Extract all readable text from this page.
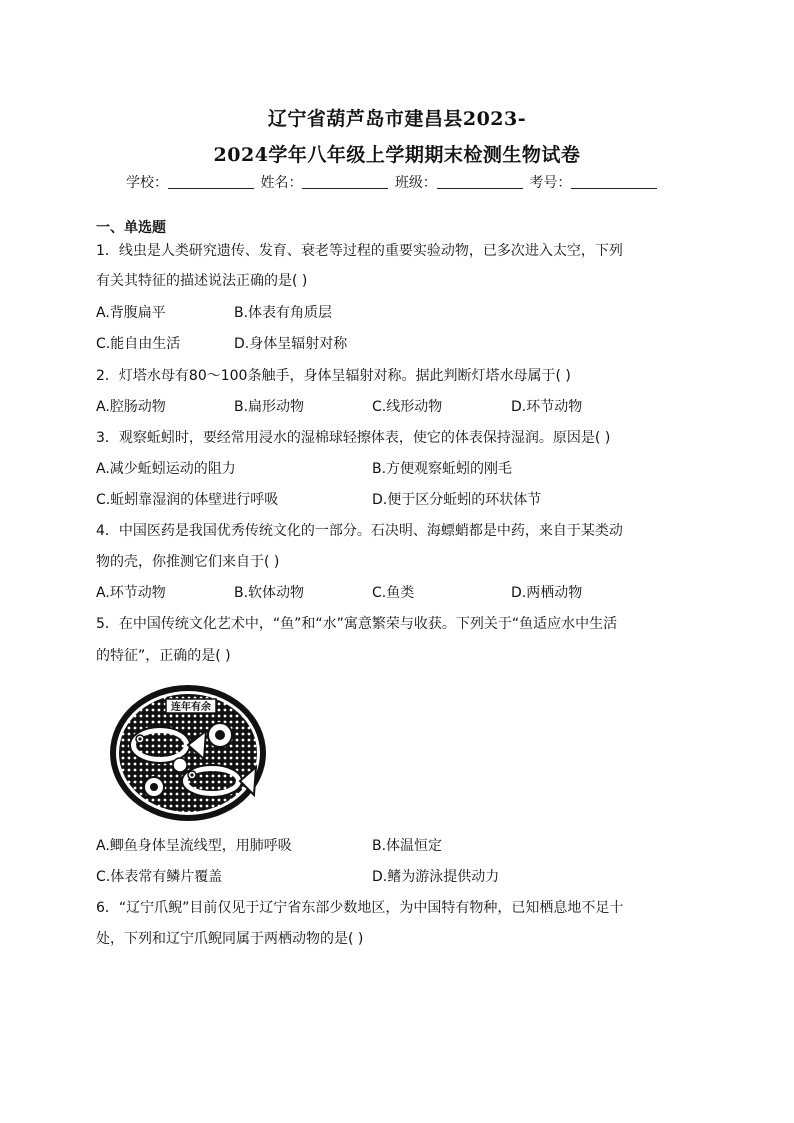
辽宁省葫芦岛市建昌县2023-
2024学年八年级上学期期末检测生物试卷
学校：	姓名：	班级：	考号：
一、单选题
1．线虫是人类研究遗传、发育、衰老等过程的重要实验动物，已多次进入太空，下列
有关其特征的描述说法正确的是( )
A.背腹扁平	B.体表有角质层
C.能自由生活	D.身体呈辐射对称
2．灯塔水母有80～100条触手，身体呈辐射对称。据此判断灯塔水母属于( )
A.腔肠动物	B.扁形动物	C.线形动物	D.环节动物
3．观察蚯蚓时，要经常用浸水的湿棉球轻擦体表，使它的体表保持湿润。原因是( )
A.减少蚯蚓运动的阻力	B.方便观察蚯蚓的刚毛
C.蚯蚓靠湿润的体壁进行呼吸	D.便于区分蚯蚓的环状体节
4．中国医药是我国优秀传统文化的一部分。石决明、海螵蛸都是中药，来自于某类动
物的壳，你推测它们来自于( )
A.环节动物	B.软体动物	C.鱼类	D.两栖动物
5．在中国传统文化艺术中，“鱼”和“水”寓意繁荣与收获。下列关于“鱼适应水中生活
的特征”，正确的是( )
连年有余
A.鲫鱼身体呈流线型，用肺呼吸	B.体温恒定
C.体表常有鳞片覆盖	D.鳍为游泳提供动力
6．“辽宁爪鲵”目前仅见于辽宁省东部少数地区，为中国特有物种，已知栖息地不足十
处，下列和辽宁爪鲵同属于两栖动物的是( )
